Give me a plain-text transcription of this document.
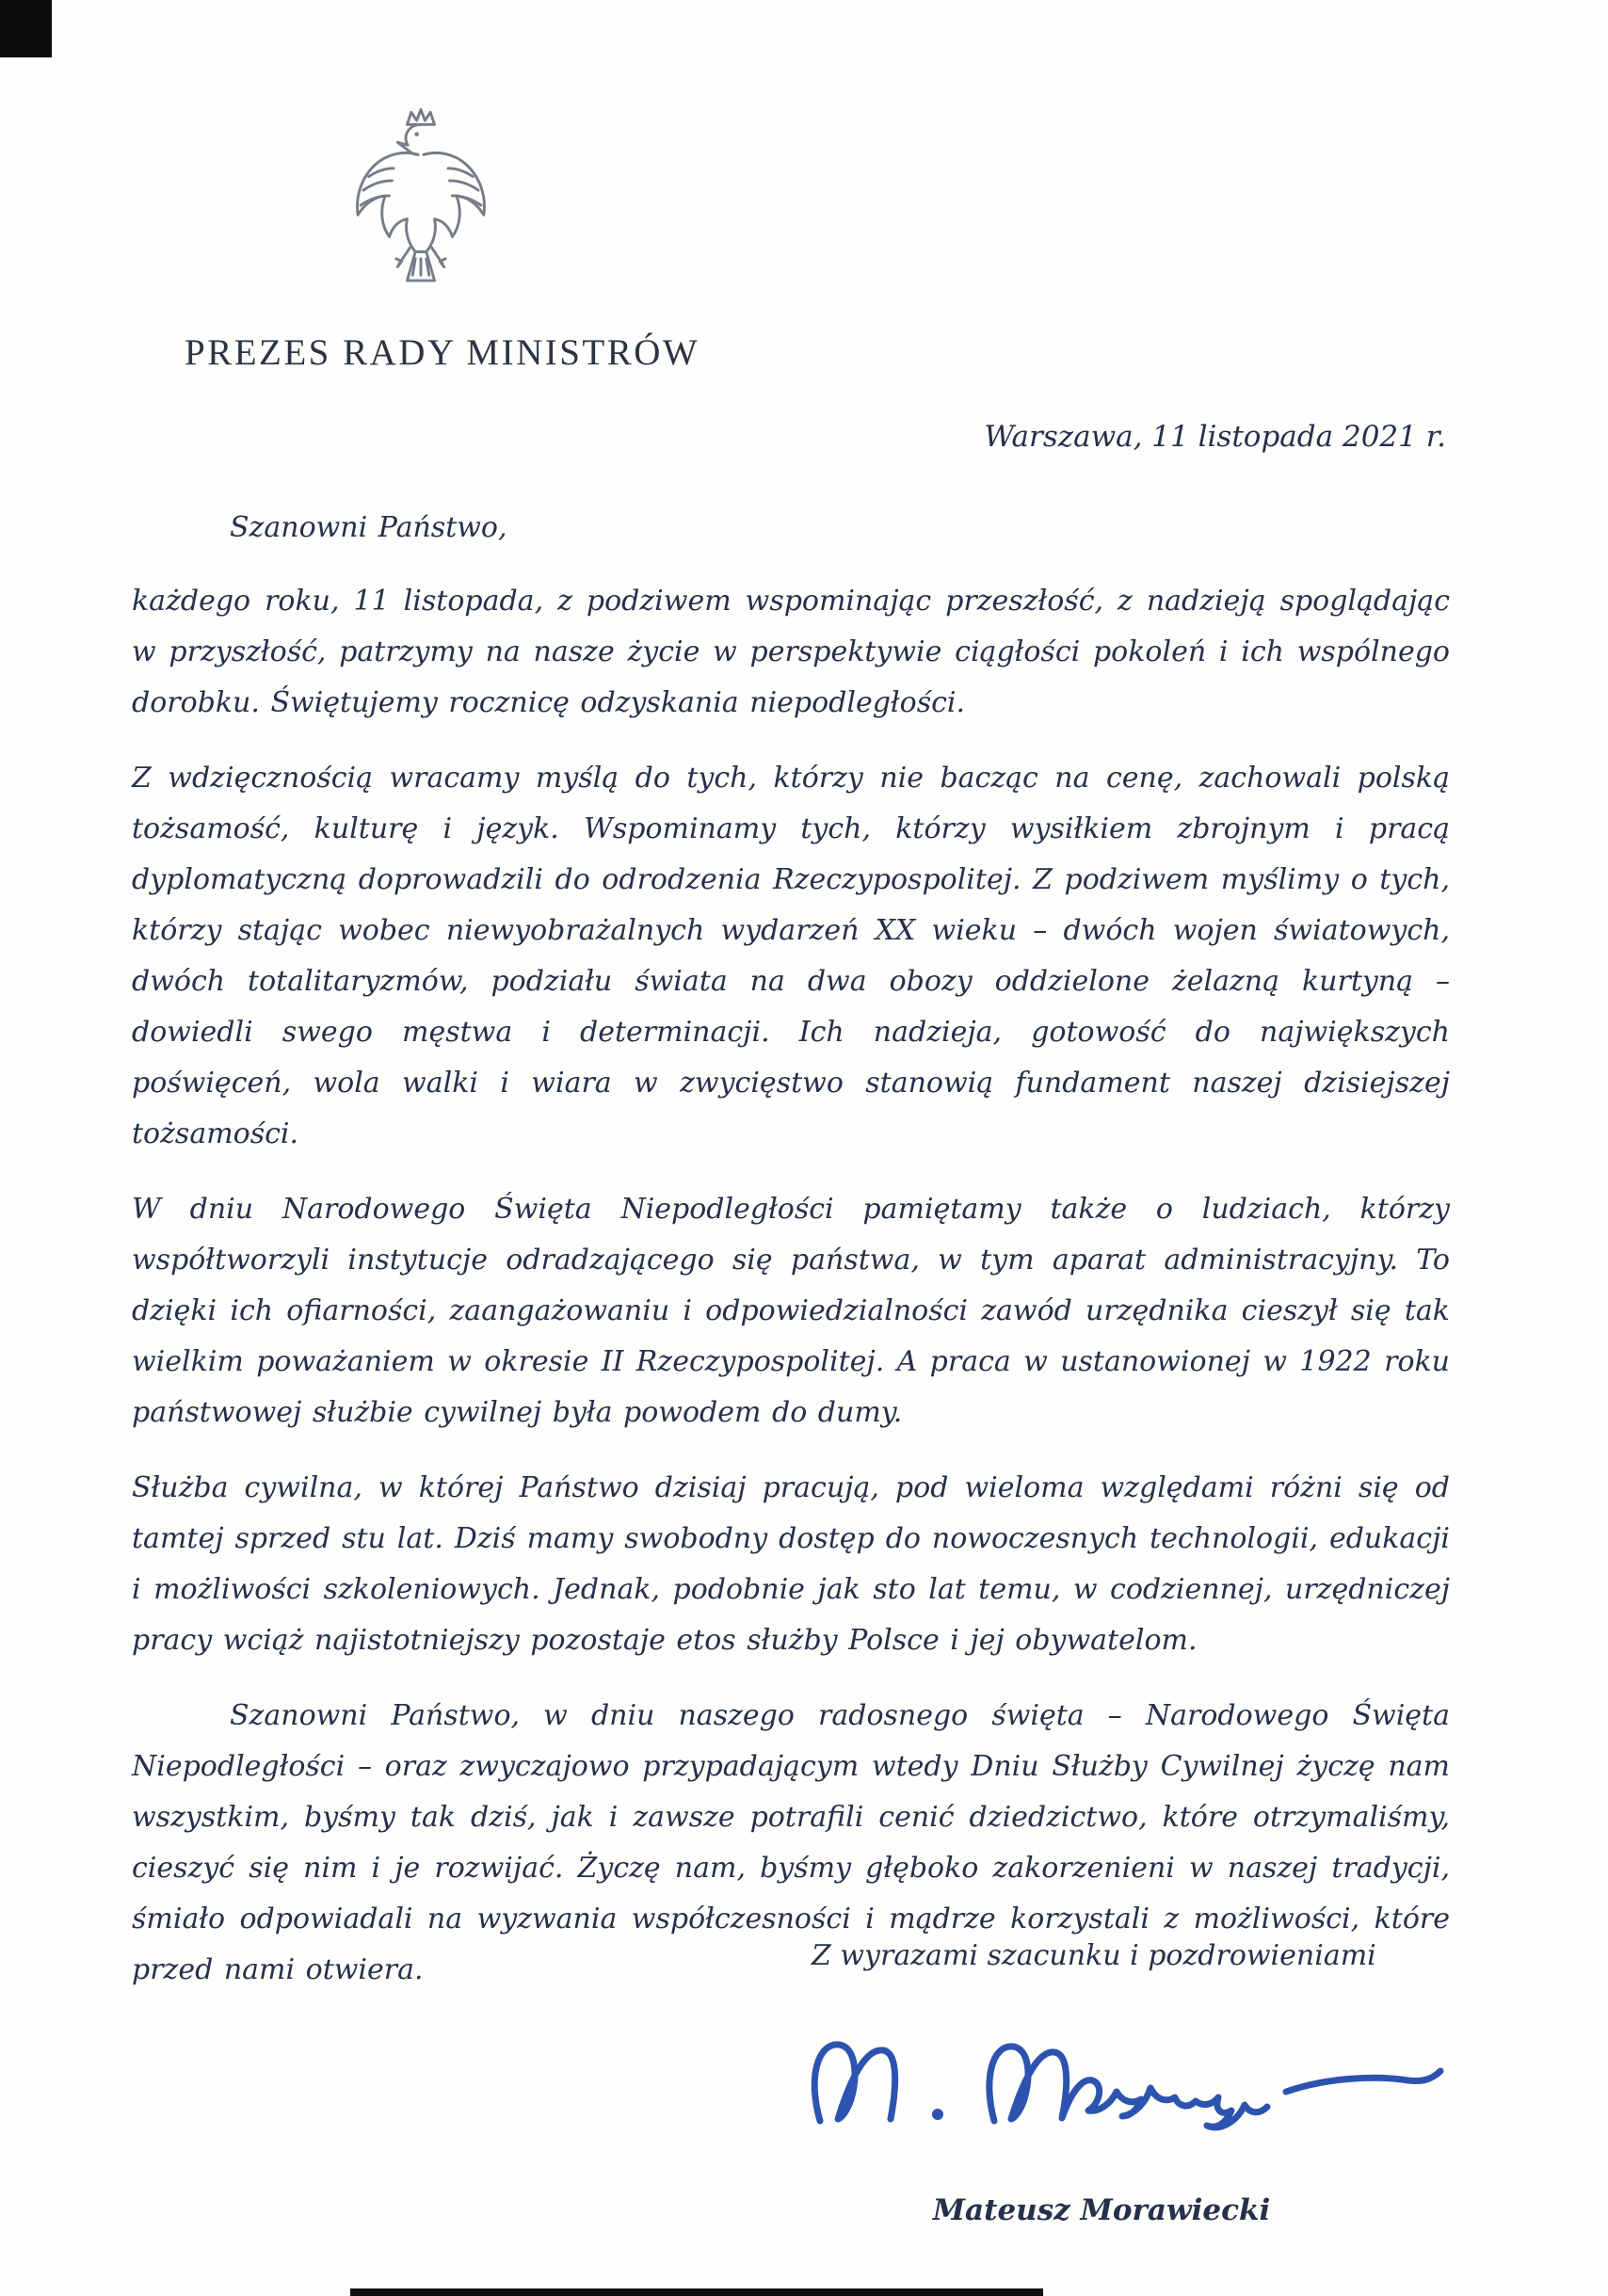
PREZES RADY MINISTRÓW
Warszawa, 11 listopada 2021 r.

Szanowni Państwo,

każdego roku, 11 listopada, z podziwem wspominając przeszłość, z nadzieją spoglądając w przyszłość, patrzymy na nasze życie w perspektywie ciągłości pokoleń i ich wspólnego dorobku. Świętujemy rocznicę odzyskania niepodległości.

Z wdzięcznością wracamy myślą do tych, którzy nie bacząc na cenę, zachowali polską tożsamość, kulturę i język. Wspominamy tych, którzy wysiłkiem zbrojnym i pracą dyplomatyczną doprowadzili do odrodzenia Rzeczypospolitej. Z podziwem myślimy o tych, którzy stając wobec niewyobrażalnych wydarzeń XX wieku – dwóch wojen światowych, dwóch totalitaryzmów, podziału świata na dwa obozy oddzielone żelazną kurtyną – dowiedli swego męstwa i determinacji. Ich nadzieja, gotowość do największych poświęceń, wola walki i wiara w zwycięstwo stanowią fundament naszej dzisiejszej tożsamości.

W dniu Narodowego Święta Niepodległości pamiętamy także o ludziach, którzy współtworzyli instytucje odradzającego się państwa, w tym aparat administracyjny. To dzięki ich ofiarności, zaangażowaniu i odpowiedzialności zawód urzędnika cieszył się tak wielkim poważaniem w okresie II Rzeczypospolitej. A praca w ustanowionej w 1922 roku państwowej służbie cywilnej była powodem do dumy.

Służba cywilna, w której Państwo dzisiaj pracują, pod wieloma względami różni się od tamtej sprzed stu lat. Dziś mamy swobodny dostęp do nowoczesnych technologii, edukacji i możliwości szkoleniowych. Jednak, podobnie jak sto lat temu, w codziennej, urzędniczej pracy wciąż najistotniejszy pozostaje etos służby Polsce i jej obywatelom.

Szanowni Państwo, w dniu naszego radosnego święta – Narodowego Święta Niepodległości – oraz zwyczajowo przypadającym wtedy Dniu Służby Cywilnej życzę nam wszystkim, byśmy tak dziś, jak i zawsze potrafili cenić dziedzictwo, które otrzymaliśmy, cieszyć się nim i je rozwijać. Życzę nam, byśmy głęboko zakorzenieni w naszej tradycji, śmiało odpowiadali na wyzwania współczesności i mądrze korzystali z możliwości, które przed nami otwiera.	Z wyrazami szacunku i pozdrowieniami
Mateusz Morawiecki
